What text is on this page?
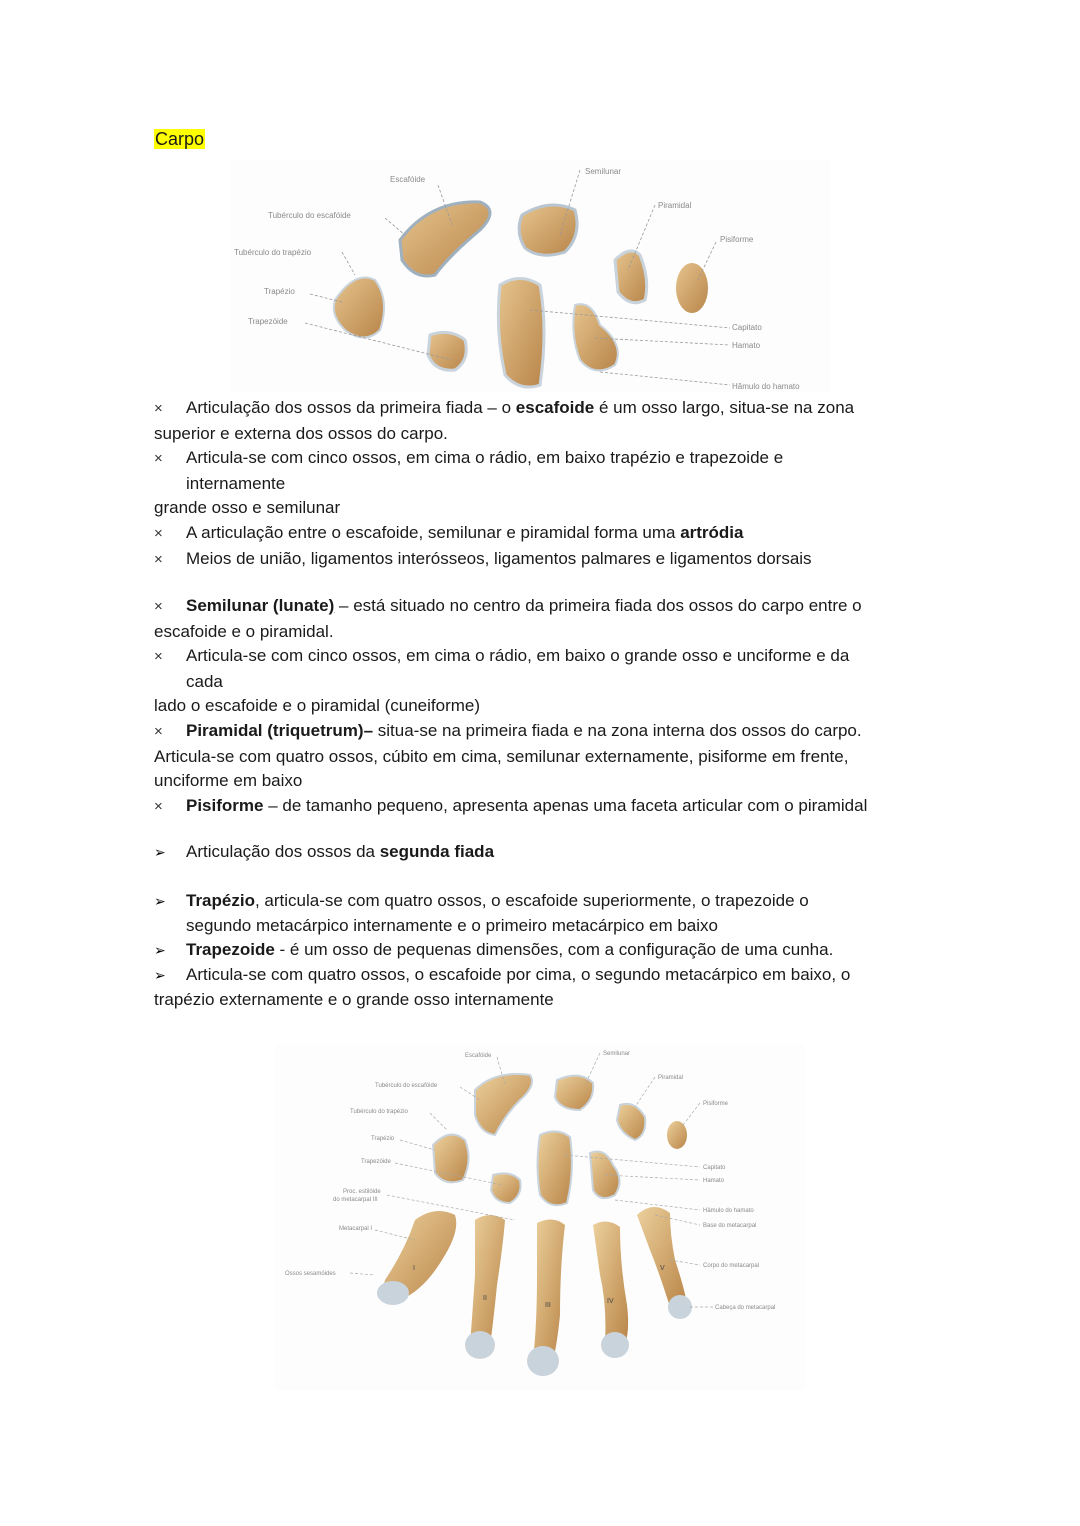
Carpo
Escafóide
Tubérculo do escafóide
Tubérculo do trapézio
Trapézio
Trapezóide
Semilunar
Piramidal
Pisiforme
Capitato
Hamato
Hâmulo do hamato
× Articulação dos ossos da primeira fiada – o escafoide é um osso largo, situa-se na zona
superior e externa dos ossos do carpo.
× Articula-se com cinco ossos, em cima o rádio, em baixo trapézio e trapezoide e
internamente
grande osso e semilunar
× A articulação entre o escafoide, semilunar e piramidal forma uma artródia
× Meios de união, ligamentos interósseos, ligamentos palmares e ligamentos dorsais
× Semilunar (lunate) – está situado no centro da primeira fiada dos ossos do carpo entre o
escafoide e o piramidal.
× Articula-se com cinco ossos, em cima o rádio, em baixo o grande osso e unciforme e da
cada
lado o escafoide e o piramidal (cuneiforme)
× Piramidal (triquetrum)– situa-se na primeira fiada e na zona interna dos ossos do carpo.
Articula-se com quatro ossos, cúbito em cima, semilunar externamente, pisiforme em frente,
unciforme em baixo
× Pisiforme – de tamanho pequeno, apresenta apenas uma faceta articular com o piramidal
➢ Articulação dos ossos da segunda fiada
➢ Trapézio, articula-se com quatro ossos, o escafoide superiormente, o trapezoide o
segundo metacárpico internamente e o primeiro metacárpico em baixo
➢ Trapezoide - é um osso de pequenas dimensões, com a configuração de uma cunha.
➢ Articula-se com quatro ossos, o escafoide por cima, o segundo metacárpico em baixo, o
trapézio externamente e o grande osso internamente
I
II
III
IV
V
Escafóide
Tubérculo do escafóide
Tubérculo do trapézio
Trapézio
Trapezóide
Proc. estilóide
do metacarpal III
Metacarpal I
Ossos sesamóides
Semilunar
Piramidal
Pisiforme
Capitato
Hamato
Hâmulo do hamato
Base do metacarpal
Corpo do metacarpal
Cabeça do metacarpal
